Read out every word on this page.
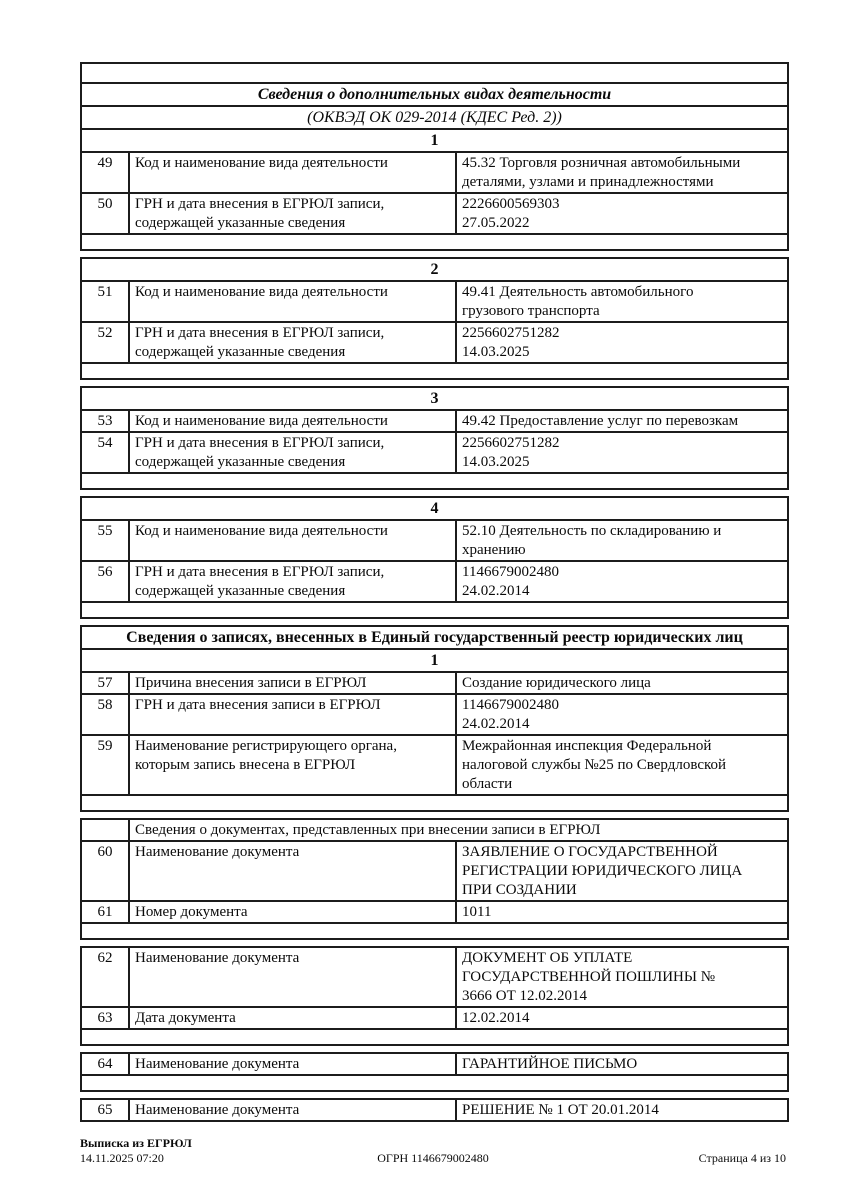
Сведения о дополнительных видах деятельности		
(ОКВЭД ОК 029-2014 (КДЕС Ред. 2))		
1		
49	Код и наименование вида деятельности	45.32 Торговля розничная автомобильными
деталями, узлами и принадлежностями

50	ГРН и дата внесения в ЕГРЮЛ записи, содержащей указанные сведения	2226600569303
27.05.2022

2		
51	Код и наименование вида деятельности	49.41 Деятельность автомобильного
грузового транспорта

52	ГРН и дата внесения в ЕГРЮЛ записи, содержащей указанные сведения	2256602751282
14.03.2025

3		
53	Код и наименование вида деятельности	49.42 Предоставление услуг по перевозкам

54	ГРН и дата внесения в ЕГРЮЛ записи, содержащей указанные сведения	2256602751282
14.03.2025

4		
55	Код и наименование вида деятельности	52.10 Деятельность по складированию и
хранению

56	ГРН и дата внесения в ЕГРЮЛ записи, содержащей указанные сведения	1146679002480
24.02.2014

Сведения о записях, внесенных в Единый государственный реестр юридических лиц		
1		
57	Причина внесения записи в ЕГРЮЛ	Создание юридического лица

58	ГРН и дата внесения записи в ЕГРЮЛ	1146679002480
24.02.2014

59	Наименование регистрирующего органа, которым запись внесена в ЕГРЮЛ	Межрайонная инспекция Федеральной
налоговой службы №25 по Свердловской
области

	Сведения о документах, представленных при внесении записи в ЕГРЮЛ	
60	Наименование документа	ЗАЯВЛЕНИЕ О ГОСУДАРСТВЕННОЙ
РЕГИСТРАЦИИ ЮРИДИЧЕСКОГО ЛИЦА
ПРИ СОЗДАНИИ

61	Номер документа	1011

62	Наименование документа	ДОКУМЕНТ ОБ УПЛАТЕ
ГОСУДАРСТВЕННОЙ ПОШЛИНЫ №
3666 ОТ 12.02.2014

63	Дата документа	12.02.2014

64	Наименование документа	ГАРАНТИЙНОЕ ПИСЬМО

65	Наименование документа	РЕШЕНИЕ № 1 ОТ 20.01.2014
Выписка из ЕГРЮЛ
14.11.2025 07:20	ОГРН 1146679002480	Страница 4 из 10
